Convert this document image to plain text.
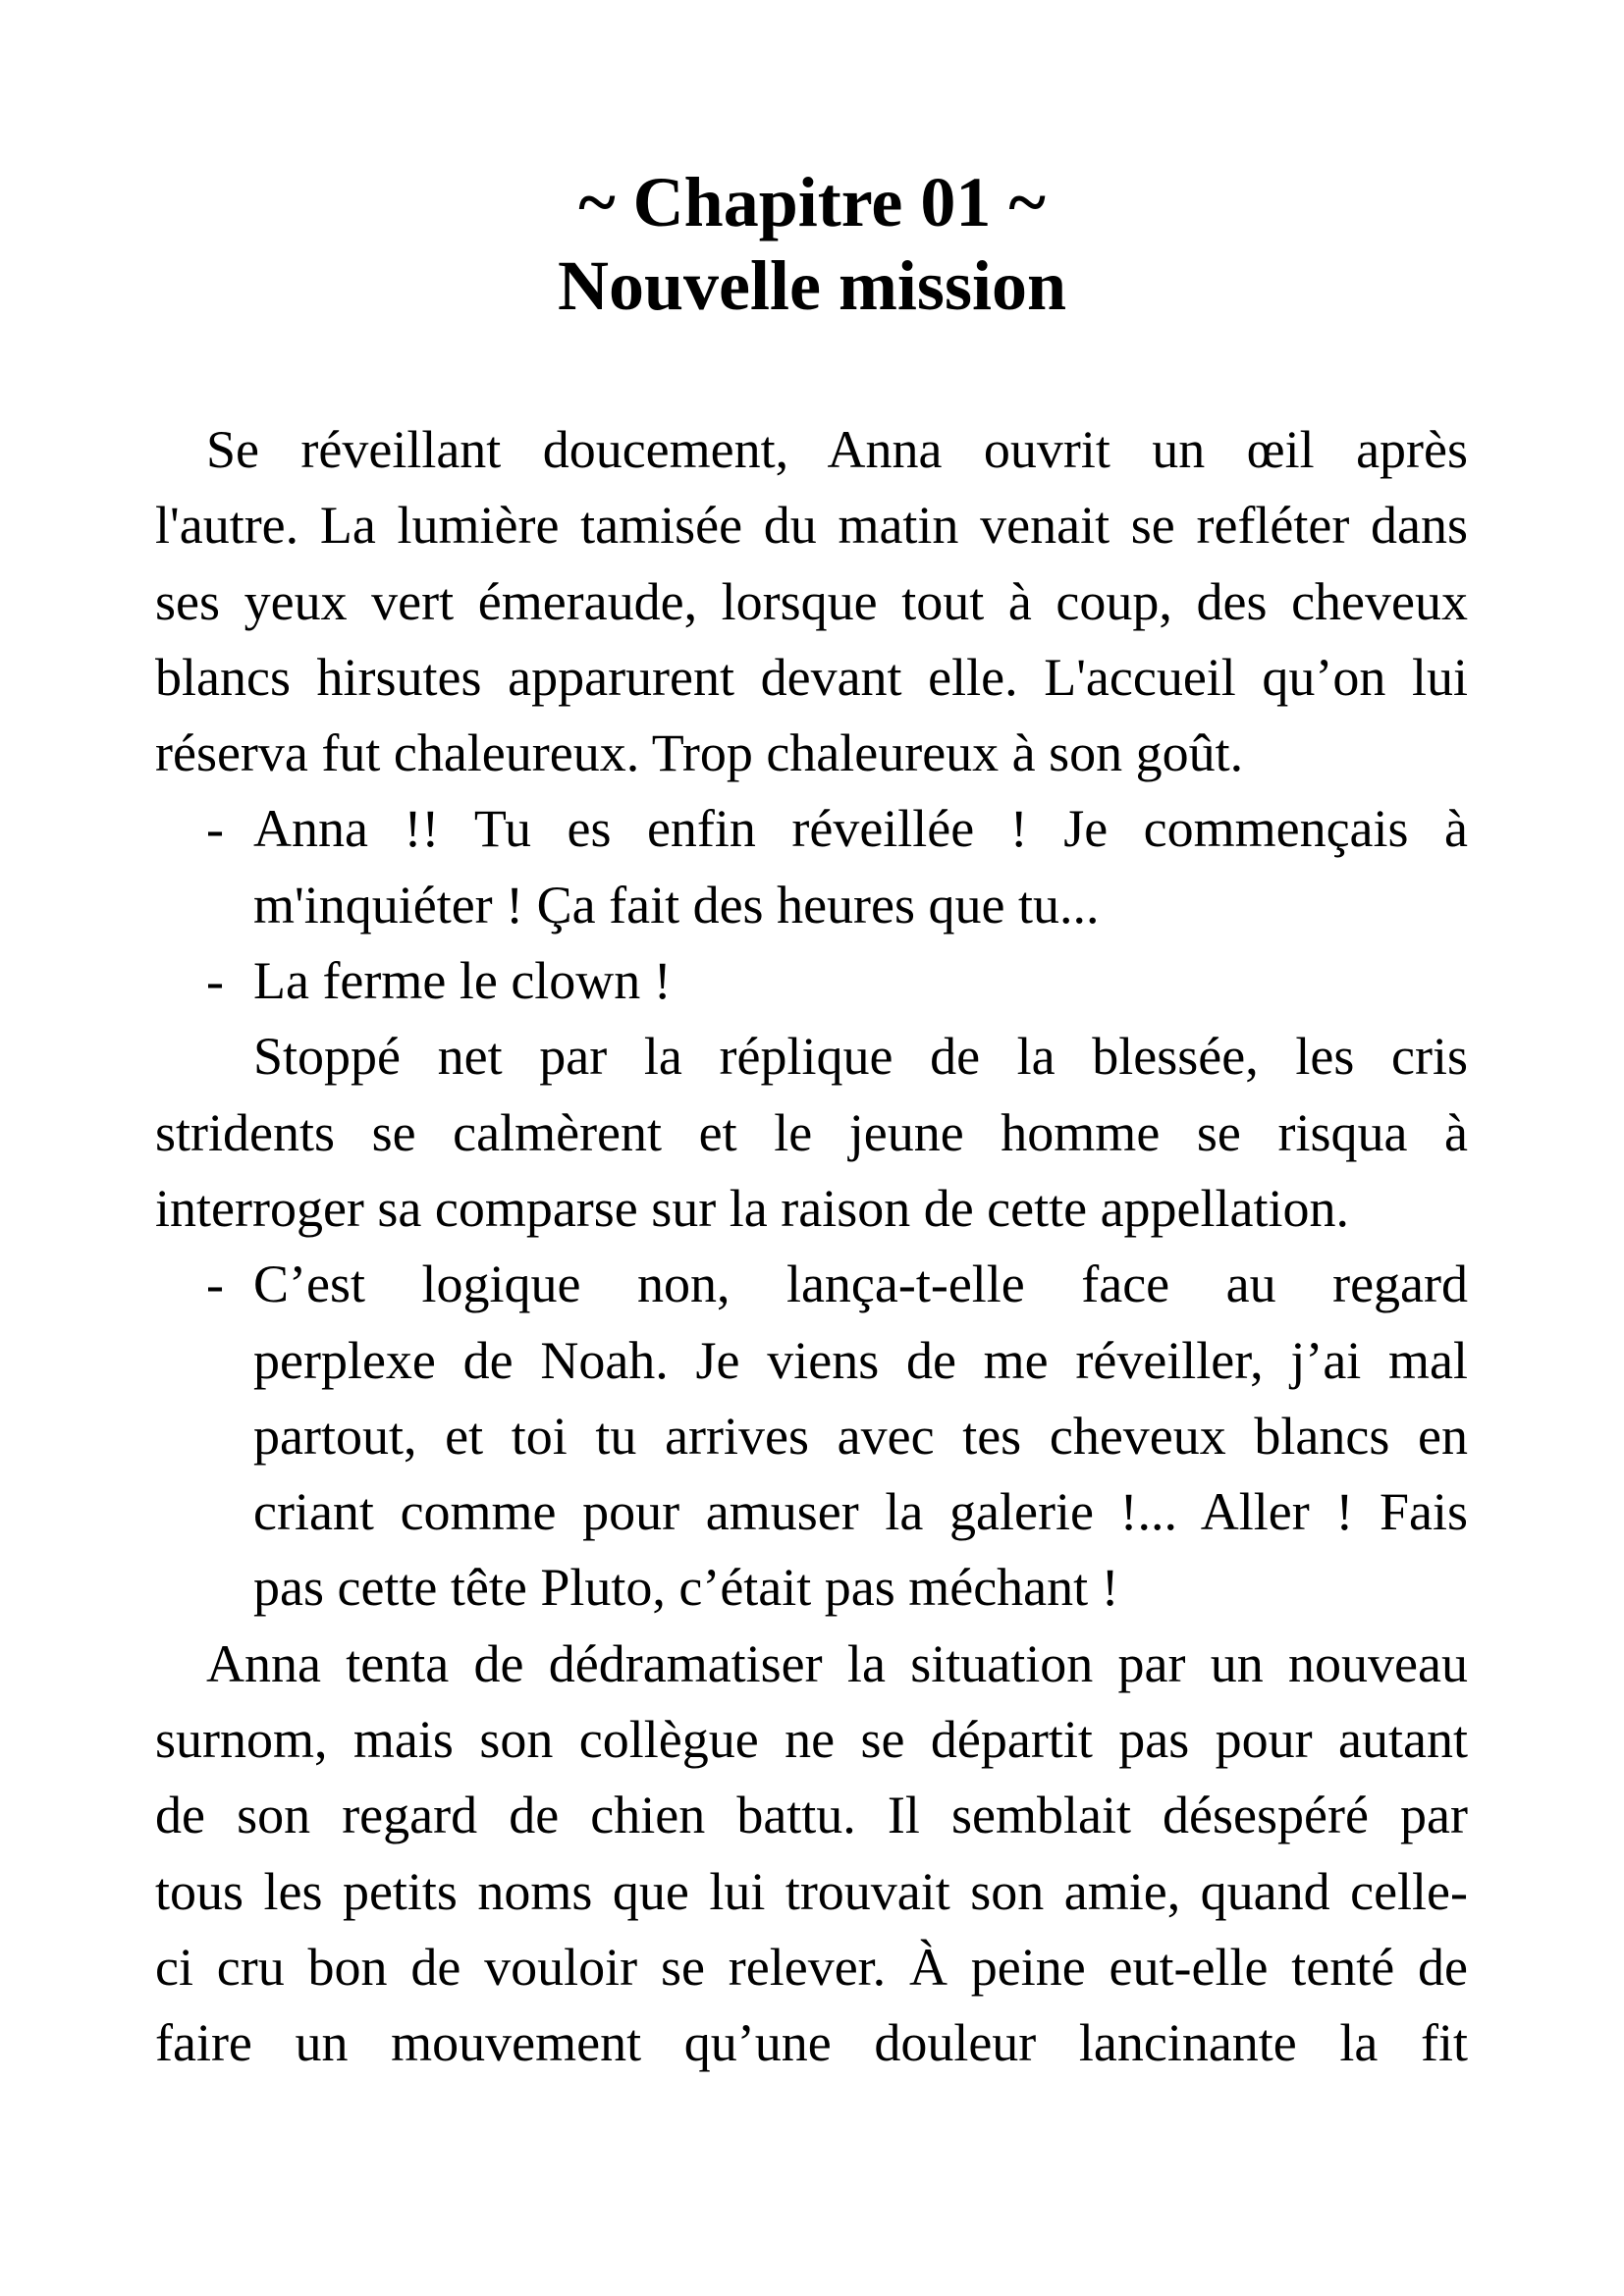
~ Chapitre 01 ~
Nouvelle mission
Se réveillant doucement, Anna ouvrit un œil après
l'autre. La lumière tamisée du matin venait se refléter dans
ses yeux vert émeraude, lorsque tout à coup, des cheveux
blancs hirsutes apparurent devant elle. L'accueil qu’on lui
réserva fut chaleureux. Trop chaleureux à son goût.
- Anna !! Tu es enfin réveillée ! Je commençais à
m'inquiéter ! Ça fait des heures que tu...
- La ferme le clown !
Stoppé net par la réplique de la blessée, les cris
stridents se calmèrent et le jeune homme se risqua à
interroger sa comparse sur la raison de cette appellation.
- C’est logique non, lança-t-elle face au regard
perplexe de Noah. Je viens de me réveiller, j’ai mal
partout, et toi tu arrives avec tes cheveux blancs en
criant comme pour amuser la galerie !... Aller ! Fais
pas cette tête Pluto, c’était pas méchant !
Anna tenta de dédramatiser la situation par un nouveau
surnom, mais son collègue ne se départit pas pour autant
de son regard de chien battu. Il semblait désespéré par
tous les petits noms que lui trouvait son amie, quand celle-
ci cru bon de vouloir se relever. À peine eut-elle tenté de
faire un mouvement qu’une douleur lancinante la fit
